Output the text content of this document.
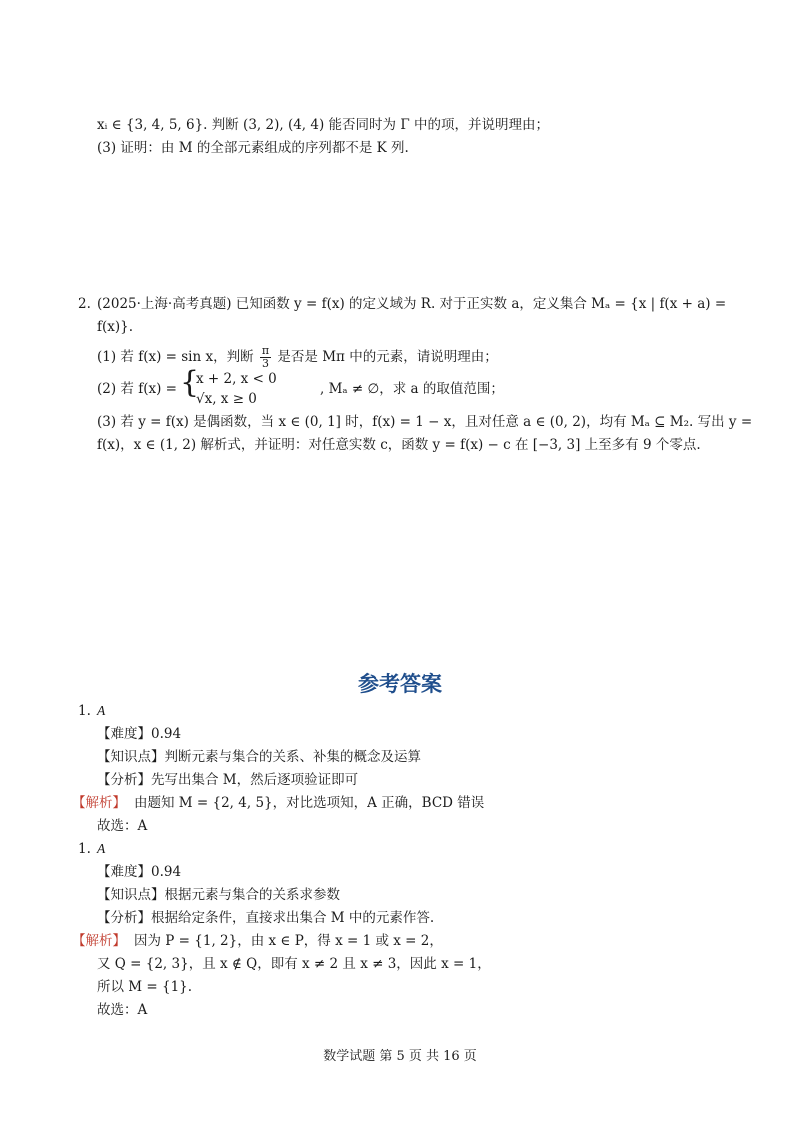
xᵢ ∈ {3, 4, 5, 6}. 判断 (3, 2), (4, 4) 能否同时为 Γ 中的项，并说明理由；
(3) 证明：由 M 的全部元素组成的序列都不是 K 列.
2. (2025·上海·高考真题) 已知函数 y = f(x) 的定义域为 R. 对于正实数 a，定义集合 Mₐ = {x | f(x + a) =
f(x)}.
(1) 若 f(x) = sin x，判断 $\frac{\pi}{3}$ 是否是 Mπ 中的元素，请说明理由；
(2) 若 f(x) = {
x + 2, x < 0
√x, x ≥ 0
, Mₐ ≠ ∅，求 a 的取值范围；
(3) 若 y = f(x) 是偶函数，当 x ∈ (0, 1] 时，f(x) = 1 − x，且对任意 a ∈ (0, 2)，均有 Mₐ ⊆ M₂. 写出 y =
f(x)，x ∈ (1, 2) 解析式，并证明：对任意实数 c，函数 y = f(x) − c 在 [−3, 3] 上至多有 9 个零点.
参考答案
1. A
【难度】0.94
【知识点】判断元素与集合的关系、补集的概念及运算
【分析】先写出集合 M，然后逐项验证即可
【解析】 由题知 M = {2, 4, 5}，对比选项知，A 正确，BCD 错误
故选：A
1. A
【难度】0.94
【知识点】根据元素与集合的关系求参数
【分析】根据给定条件，直接求出集合 M 中的元素作答.
【解析】 因为 P = {1, 2}，由 x ∈ P，得 x = 1 或 x = 2，
又 Q = {2, 3}，且 x ∉ Q，即有 x ≠ 2 且 x ≠ 3，因此 x = 1，
所以 M = {1}.
故选：A
数学试题 第 5 页 共 16 页
